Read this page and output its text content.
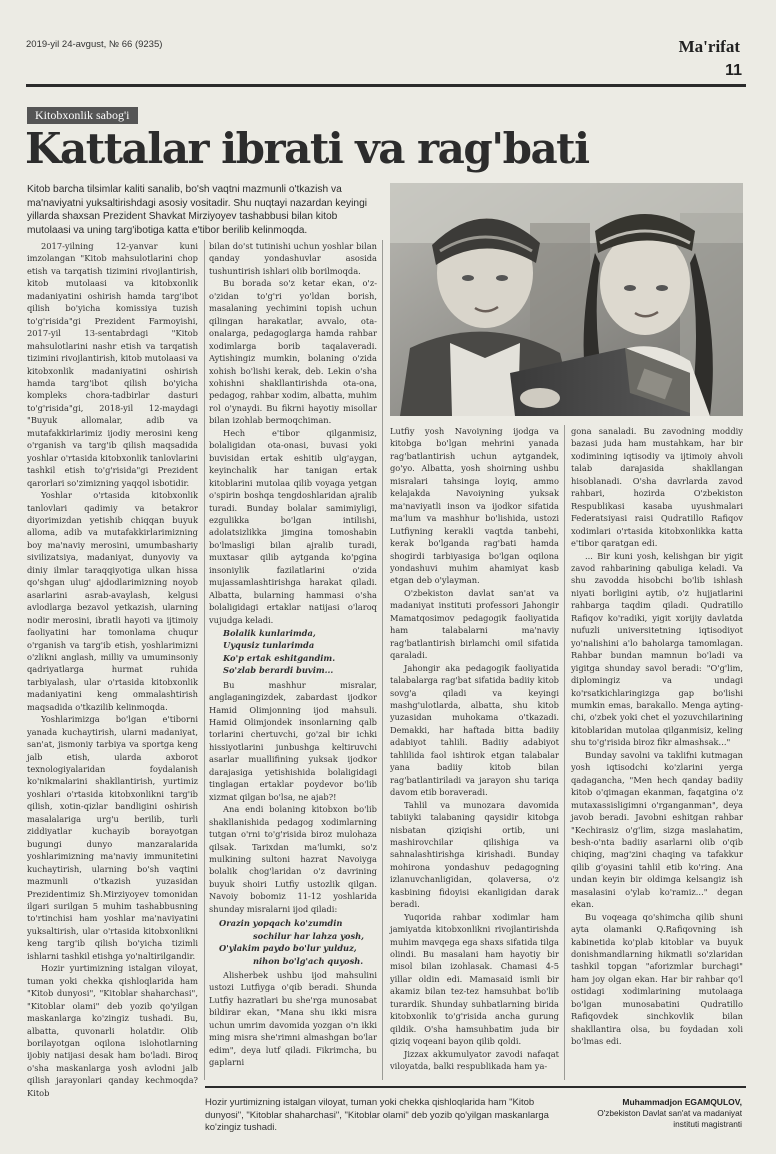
2019-yil 24-avgust, № 66 (9235)	Ma'rifat
11
Kitobxonlik sabog'i
Kattalar ibrati va rag'bati
Kitob barcha tilsimlar kaliti sanalib, bo'sh vaqtni mazmunli o'tkazish va ma'naviyatni yuksaltirishdagi asosiy vositadir. Shu nuqtayi nazardan keyingi yillarda shaxsan Prezident Shavkat Mirziyoyev tashabbusi bilan kitob mutolaasi va uning targ'ibotiga katta e'tibor berilib kelinmoqda.

2017-yilning 12-yanvar kuni imzolangan "Kitob mahsulotlarini chop etish va tarqatish tizimini rivojlantirish, kitob mutolaasi va kitobxonlik madaniyatini oshirish hamda targ'ibot qilish bo'yicha komissiya tuzish to'g'risida"gi Prezident Farmoyishi, 2017-yil 13-sentabrdagi "Kitob mahsulotlarini nashr etish va tarqatish tizimini rivojlantirish, kitob mutolaasi va kitobxonlik madaniyatini oshirish hamda targ'ibot qilish bo'yicha kompleks chora-tadbirlar dasturi to'g'risida"gi, 2018-yil 12-maydagi "Buyuk allomalar, adib va mutafakkirlarimiz ijodiy merosini keng o'rganish va targ'ib qilish maqsadida yoshlar o'rtasida kitobxonlik tanlovlarini tashkil etish to'g'risida"gi Prezident qarorlari so'zimizning yaqqol isbotidir.

Yoshlar o'rtasida kitobxonlik tanlovlari qadimiy va betakror diyorimizdan yetishib chiqqan buyuk alloma, adib va mutafakkirlarimizning boy ma'naviy merosini, umumbashariy sivilizatsiya, madaniyat, dunyoviy va diniy ilmlar taraqqiyotiga ulkan hissa qo'shgan ulug' ajdodlarimizning noyob asarlarini asrab-avaylash, kelgusi avlodlarga bezavol yetkazish, ularning nodir merosini, ibratli hayoti va ijtimoiy faoliyatini har tomonlama chuqur o'rganish va targ'ib etish, yoshlarimizni o'zlikni anglash, milliy va umuminsoniy qadriyatlarga hurmat ruhida tarbiyalash, ular o'rtasida kitobxonlik madaniyatini keng ommalashtirish maqsadida o'tkazilib kelinmoqda.

Yoshlarimizga bo'lgan e'tiborni yanada kuchaytirish, ularni madaniyat, san'at, jismoniy tarbiya va sportga keng jalb etish, ularda axborot texnologiyalaridan foydalanish ko'nikmalarini shakllantirish, yurtimiz yoshlari o'rtasida kitobxonlikni targ'ib qilish, xotin-qizlar bandligini oshirish masalalariga urg'u berilib, turli ziddiyatlar kuchayib borayotgan bugungi dunyo manzaralarida yoshlarimizning ma'naviy immunitetini kuchaytirish, ularning bo'sh vaqtini mazmunli o'tkazish yuzasidan Prezidentimiz Sh.Mirziyoyev tomonidan ilgari surilgan 5 muhim tashabbusning to'rtinchisi ham yoshlar ma'naviyatini yuksaltirish, ular o'rtasida kitobxonlikni keng targ'ib qilish bo'yicha tizimli ishlarni tashkil etishga yo'naltirilgandir.

Hozir yurtimizning istalgan viloyat, tuman yoki chekka qishloqlarida ham "Kitob dunyosi", "Kitoblar shaharchasi", "Kitoblar olami" deb yozib qo'yilgan maskanlarga ko'zingiz tushadi. Bu, albatta, quvonarli holatdir. Olib borilayotgan oqilona islohotlarning ijobiy natijasi desak ham bo'ladi. Biroq o'sha maskanlarga yosh avlodni jalb qilish jarayonlari qanday kechmoqda? Kitob

bilan do'st tutinishi uchun yoshlar bilan qanday yondashuvlar asosida tushuntirish ishlari olib borilmoqda.

Bu borada so'z ketar ekan, o'z-o'zidan to'g'ri yo'ldan borish, masalaning yechimini topish uchun qilingan harakatlar, avvalo, ota-onalarga, pedagoglarga hamda rahbar xodimlarga borib taqalaveradi. Aytishingiz mumkin, bolaning o'zida xohish bo'lishi kerak, deb. Lekin o'sha xohishni shakllantirishda ota-ona, pedagog, rahbar xodim, albatta, muhim rol o'ynaydi. Bu fikrni hayotiy misollar bilan izohlab bermoqchiman.

Hech e'tibor qilganmisiz, bolaligidan ota-onasi, buvasi yoki buvisidan ertak eshitib ulg'aygan, keyinchalik har tanigan ertak kitoblarini mutolaa qilib voyaga yetgan o'spirin boshqa tengdoshlaridan ajralib turadi. Bunday bolalar samimiyligi, ezgulikka bo'lgan intilishi, adolatsizlikka jimgina tomoshabin bo'lmasligi bilan ajralib turadi, muxtasar qilib aytganda ko'pgina insoniylik fazilatlarini o'zida mujassamlashtirishga harakat qiladi. Albatta, bularning hammasi o'sha bolaligidagi ertaklar natijasi o'laroq vujudga keladi.

Bolalik kunlarimda,
Uyqusiz tunlarimda
Ko'p ertak eshitgandim.
So'zlab berardi buvim...

Bu mashhur misralar, anglaganingizdek, zabardast ijodkor Hamid Olimjonning ijod mahsuli. Hamid Olimjondek insonlarning qalb torlarini chertuvchi, go'zal bir ichki hissiyotlarini junbushga keltiruvchi asarlar muallifining yuksak ijodkor darajasiga yetishishida bolaligidagi tinglagan ertaklar poydevor bo'lib xizmat qilgan bo'lsa, ne ajab?!

Ana endi bolaning kitobxon bo'lib shakllanishida pedagog xodimlarning tutgan o'rni to'g'risida biroz mulohaza qilsak. Tarixdan ma'lumki, so'z mulkining sultoni hazrat Navoiyga bolalik chog'laridan o'z davrining buyuk shoiri Lutfiy ustozlik qilgan. Navoiy bobomiz 11-12 yoshlarida shunday misralarni ijod qiladi:

Orazin yopqach ko'zumdin
sochilur har lahza yosh,
O'ylakim paydo bo'lur yulduz,
nihon bo'lg'ach quyosh.

Alisherbek ushbu ijod mahsulini ustozi Lutfiyga o'qib beradi. Shunda Lutfiy hazratlari bu she'rga munosabat bildirar ekan, "Mana shu ikki misra uchun umrim davomida yozgan o'n ikki ming misra she'rimni almashgan bo'lar edim", deya lutf qiladi. Fikrimcha, bu gaplarni

Lutfiy yosh Navoiyning ijodga va kitobga bo'lgan mehrini yanada rag'batlantirish uchun aytgandek, go'yo. Albatta, yosh shoirning ushbu misralari tahsinga loyiq, ammo kelajakda Navoiyning yuksak ma'naviyatli inson va ijodkor sifatida ma'lum va mashhur bo'lishida, ustozi Lutfiyning kerakli vaqtda tanbehi, kerak bo'lganda rag'bati hamda shogirdi tarbiyasiga bo'lgan oqilona yondashuvi muhim ahamiyat kasb etgan deb o'ylayman.

O'zbekiston davlat san'at va madaniyat instituti professori Jahongir Mamatqosimov pedagogik faoliyatida ham talabalarni ma'naviy rag'batlantirish birlamchi omil sifatida qaraladi.

Jahongir aka pedagogik faoliyatida talabalarga rag'bat sifatida badiiy kitob sovg'a qiladi va keyingi mashg'ulotlarda, albatta, shu kitob yuzasidan muhokama o'tkazadi. Demakki, har haftada bitta badiiy adabiyot tahlili. Badiiy adabiyot tahlilida faol ishtirok etgan talabalar yana badiiy kitob bilan rag'batlantiriladi va jarayon shu tariqa davom etib boraveradi.

Tahlil va munozara davomida tabiiyki talabaning qaysidir kitobga nisbatan qiziqishi ortib, uni mashirovchilar qilishiga va sahnalashtirishga kirishadi. Bunday mohirona yondashuv pedagogning izlanuvchanligidan, qolaversa, o'z kasbining fidoyisi ekanligidan darak beradi.

Yuqorida rahbar xodimlar ham jamiyatda kitobxonlikni rivojlantirishda muhim mavqega ega shaxs sifatida tilga olindi. Bu masalani ham hayotiy bir misol bilan izohlasak. Chamasi 4-5 yillar oldin edi. Mamasaid ismli bir akamiz bilan tez-tez hamsuhbat bo'lib turardik. Shunday suhbatlarning birida kitobxonlik to'g'risida ancha gurung qildik. O'sha hamsuhbatim juda bir qiziq voqeani bayon qilib qoldi.

Jizzax akkumulyator zavodi nafaqat viloyatda, balki respublikada ham ya-

gona sanaladi. Bu zavodning moddiy bazasi juda ham mustahkam, har bir xodimining iqtisodiy va ijtimoiy ahvoli talab darajasida shakllangan hisoblanadi. O'sha davrlarda zavod rahbari, hozirda O'zbekiston Respublikasi kasaba uyushmalari Federatsiyasi raisi Qudratillo Rafiqov xodimlari o'rtasida kitobxonlikka katta e'tibor qaratgan edi.

... Bir kuni yosh, kelishgan bir yigit zavod rahbarining qabuliga keladi. Va shu zavodda hisobchi bo'lib ishlash niyati borligini aytib, o'z hujjatlarini rahbarga taqdim qiladi. Qudratillo Rafiqov ko'radiki, yigit xorijiy davlatda nufuzli universitetning iqtisodiyot yo'nalishini a'lo baholarga tamomlagan. Rahbar bundan mamnun bo'ladi va yigitga shunday savol beradi: "O'g'lim, diplomingiz va undagi ko'rsatkichlaringizga gap bo'lishi mumkin emas, barakallo. Menga ayting-chi, o'zbek yoki chet el yozuvchilarining kitoblaridan mutolaa qilganmisiz, keling shu to'g'risida biroz fikr almashsak..."

Bunday savolni va taklifni kutmagan yosh iqtisodchi ko'zlarini yerga qadagancha, "Men hech qanday badiiy kitob o'qimagan ekanman, faqatgina o'z mutaxassisligimni o'rganganman", deya javob beradi. Javobni eshitgan rahbar "Kechirasiz o'g'lim, sizga maslahatim, besh-o'nta badiiy asarlarni olib o'qib chiqing, mag'zini chaqing va tafakkur qilib g'oyasini tahlil etib ko'ring. Ana undan keyin bir oldimga kelsangiz ish masalasini o'ylab ko'ramiz..." degan ekan.

Bu voqeaga qo'shimcha qilib shuni ayta olamanki Q.Rafiqovning ish kabinetida ko'plab kitoblar va buyuk donishmandlarning hikmatli so'zlaridan tashkil topgan "aforizmlar burchagi" ham joy olgan ekan. Har bir rahbar qo'l ostidagi xodimlarining mutolaaga bo'lgan munosabatini Qudratillo Rafiqovdek sinchkovlik bilan shakllantira olsa, bu foydadan xoli bo'lmas edi.

Hozir yurtimizning istalgan viloyat, tuman yoki chekka qishloqlarida ham "Kitob dunyosi", "Kitoblar shaharchasi", "Kitoblar olami" deb yozib qo'yilgan maskanlarga ko'zingiz tushadi.
Muhammadjon EGAMQULOV,
O'zbekiston Davlat san'at va madaniyat instituti magistranti
